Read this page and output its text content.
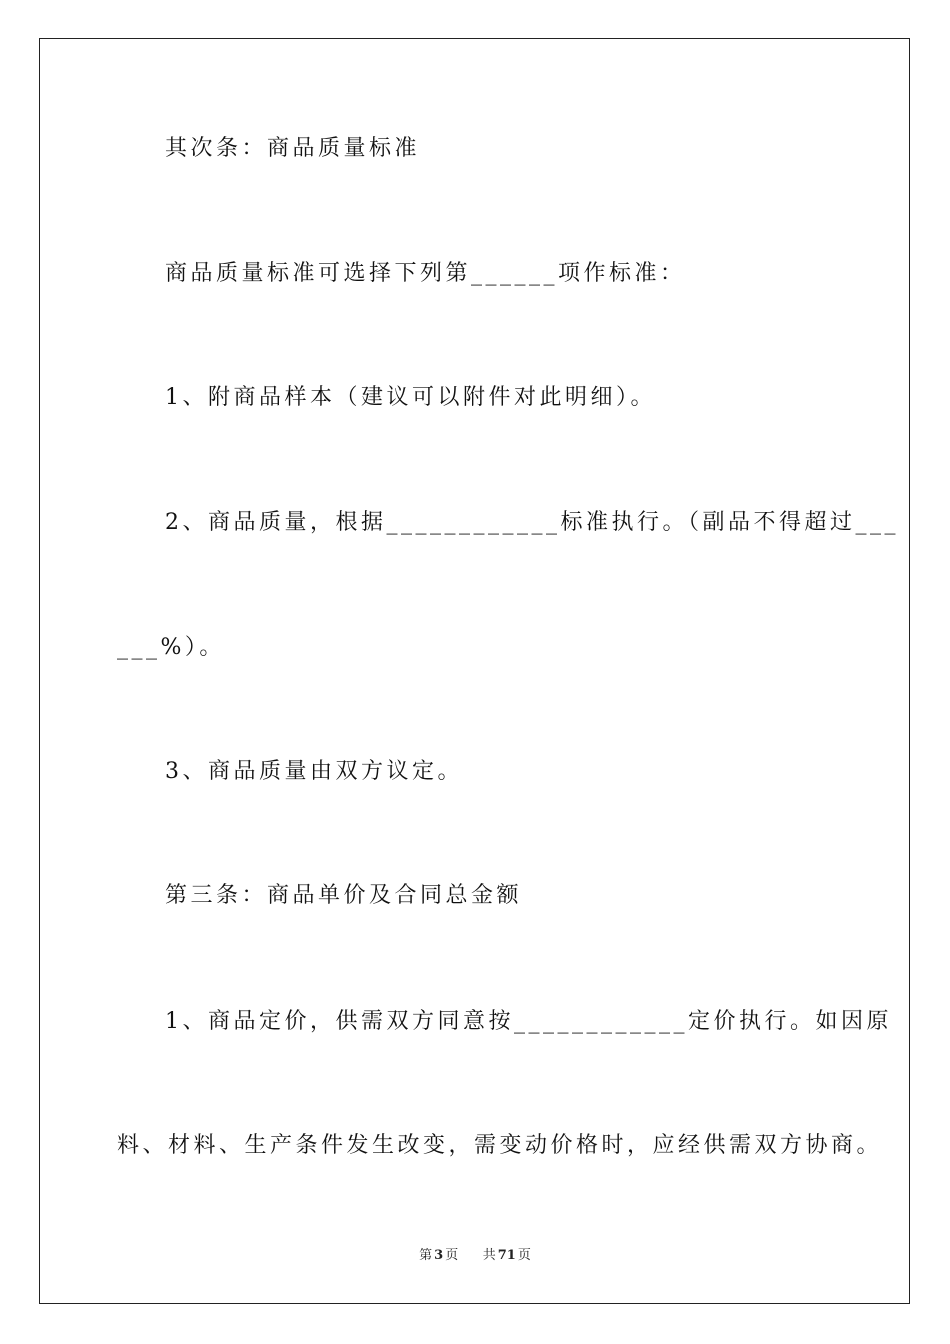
其次条：商品质量标准

商品质量标准可选择下列第______项作标准：

1、附商品样本（建议可以附件对此明细）。

2、商品质量，根据____________标准执行。（副品不得超过___

___%）。

3、商品质量由双方议定。

第三条：商品单价及合同总金额

1、商品定价，供需双方同意按____________定价执行。如因原

料、材料、生产条件发生改变，需变动价格时，应经供需双方协商。

第 3 页 共 71 页
